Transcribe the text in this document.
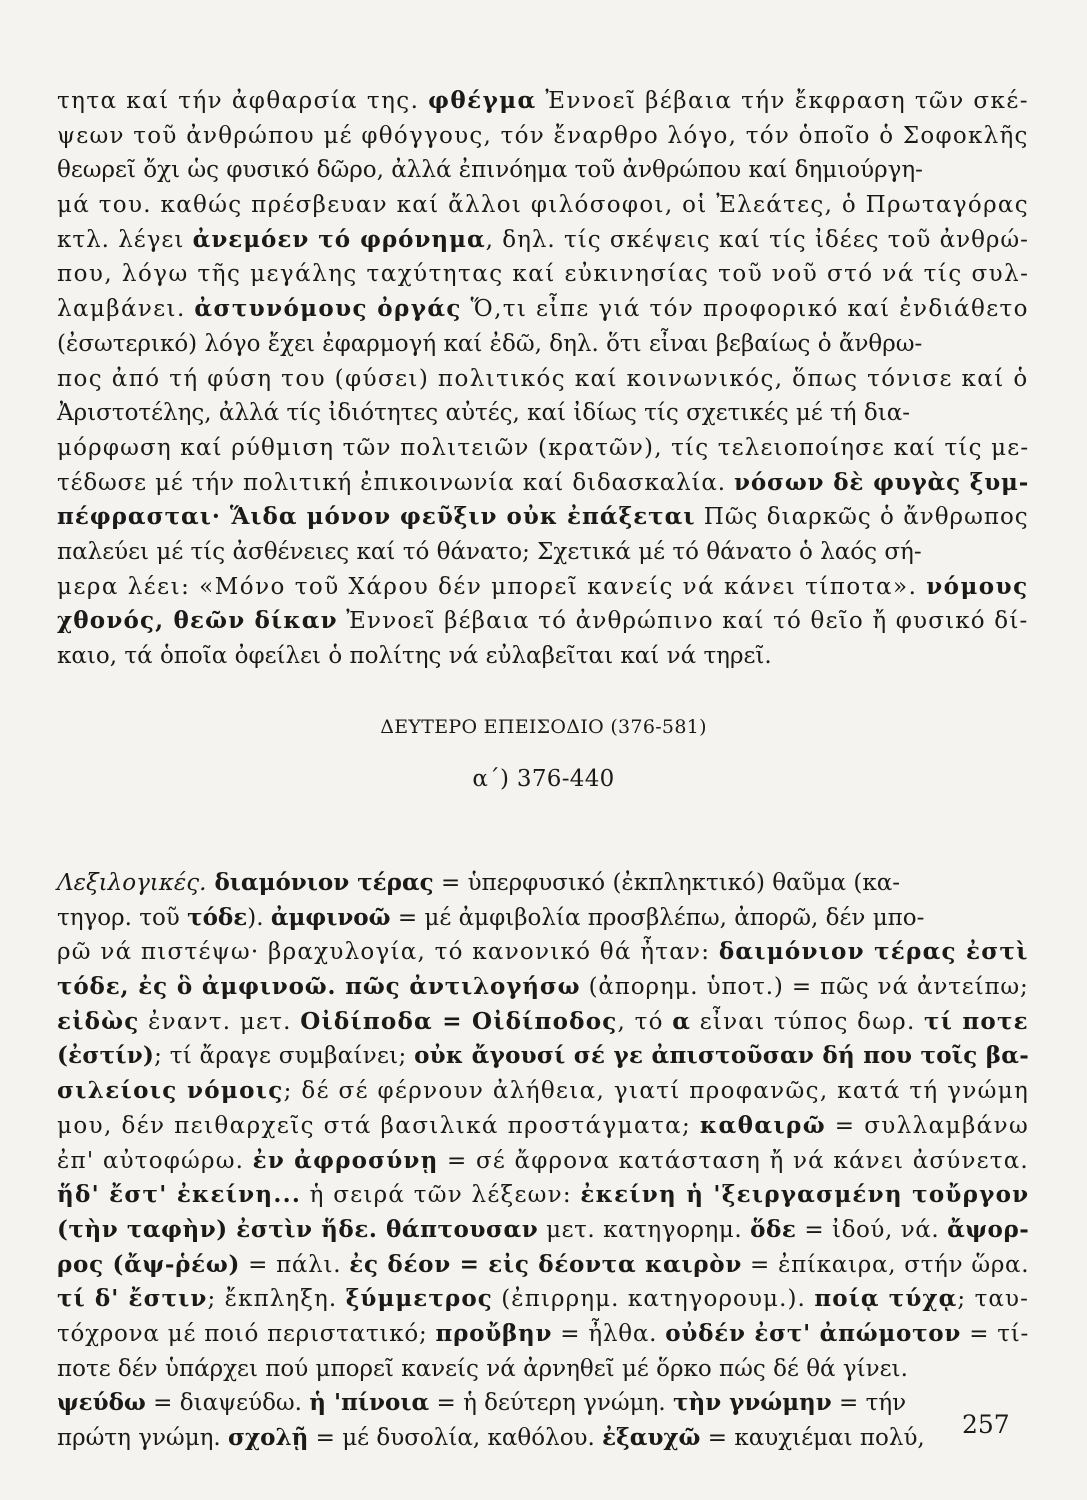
τητα καί τήν ἀφθαρσία της. φθέγμα Ἐννοεῖ βέβαια τήν ἔκφραση τῶν σκέ-
ψεων τοῦ ἀνθρώπου μέ φθόγγους, τόν ἔναρθρο λόγο, τόν ὁποῖο ὁ Σοφοκλῆς
θεωρεῖ ὄχι ὡς φυσικό δῶρο, ἀλλά ἐπινόημα τοῦ ἀνθρώπου καί δημιούργη-
μά του. καθώς πρέσβευαν καί ἄλλοι φιλόσοφοι, οἱ Ἐλεάτες, ὁ Πρωταγόρας
κτλ. λέγει ἀνεμόεν τό φρόνημα, δηλ. τίς σκέψεις καί τίς ἰδέες τοῦ ἀνθρώ-
που, λόγω τῆς μεγάλης ταχύτητας καί εὐκινησίας τοῦ νοῦ στό νά τίς συλ-
λαμβάνει. ἀστυνόμους ὀργάς Ὅ,τι εἶπε γιά τόν προφορικό καί ἐνδιάθετο
(ἐσωτερικό) λόγο ἔχει ἐφαρμογή καί ἐδῶ, δηλ. ὅτι εἶναι βεβαίως ὁ ἄνθρω-
πος ἀπό τή φύση του (φύσει) πολιτικός καί κοινωνικός, ὅπως τόνισε καί ὁ
Ἀριστοτέλης, ἀλλά τίς ἰδιότητες αὐτές, καί ἰδίως τίς σχετικές μέ τή δια-
μόρφωση καί ρύθμιση τῶν πολιτειῶν (κρατῶν), τίς τελειοποίησε καί τίς με-
τέδωσε μέ τήν πολιτική ἐπικοινωνία καί διδασκαλία. νόσων δὲ φυγὰς ξυμ-
πέφρασται· Ἅιδα μόνον φεῦξιν οὐκ ἐπάξεται Πῶς διαρκῶς ὁ ἄνθρωπος
παλεύει μέ τίς ἀσθένειες καί τό θάνατο; Σχετικά μέ τό θάνατο ὁ λαός σή-
μερα λέει: «Μόνο τοῦ Χάρου δέν μπορεῖ κανείς νά κάνει τίποτα». νόμους
χθονός, θεῶν δίκαν Ἐννοεῖ βέβαια τό ἀνθρώπινο καί τό θεῖο ἤ φυσικό δί-
καιο, τά ὁποῖα ὀφείλει ὁ πολίτης νά εὐλαβεῖται καί νά τηρεῖ.
ΔΕΥΤΕΡΟ ΕΠΕΙΣΟΔΙΟ (376-581)
α΄) 376-440
Λεξιλογικές. διαμόνιον τέρας = ὑπερφυσικό (ἐκπληκτικό) θαῦμα (κα-
τηγορ. τοῦ τόδε). ἀμφινοῶ = μέ ἀμφιβολία προσβλέπω, ἀπορῶ, δέν μπο-
ρῶ νά πιστέψω· βραχυλογία, τό κανονικό θά ἦταν: δαιμόνιον τέρας ἐστὶ
τόδε, ἐς ὃ ἀμφινοῶ. πῶς ἀντιλογήσω (ἀπορημ. ὑποτ.) = πῶς νά ἀντείπω;
εἰδὼς ἐναντ. μετ. Οἰδίποδα = Οἰδίποδος, τό α εἶναι τύπος δωρ. τί ποτε
(ἐστίν); τί ἄραγε συμβαίνει; οὐκ ἄγουσί σέ γε ἀπιστοῦσαν δή που τοῖς βα-
σιλείοις νόμοις; δέ σέ φέρνουν ἀλήθεια, γιατί προφανῶς, κατά τή γνώμη
μου, δέν πειθαρχεῖς στά βασιλικά προστάγματα; καθαιρῶ = συλλαμβάνω
ἐπ' αὐτοφώρω. ἐν ἀφροσύνῃ = σέ ἄφρονα κατάσταση ἤ νά κάνει ἀσύνετα.
ἥδ' ἔστ' ἐκείνη... ἡ σειρά τῶν λέξεων: ἐκείνη ἡ 'ξειργασμένη τοὔργον
(τὴν ταφὴν) ἐστὶν ἥδε. θάπτουσαν μετ. κατηγορημ. ὅδε = ἰδού, νά. ἄψορ-
ρος (ἄψ-ῥέω) = πάλι. ἐς δέον = εἰς δέοντα καιρὸν = ἐπίκαιρα, στήν ὥρα.
τί δ' ἔστιν; ἔκπληξη. ξύμμετρος (ἐπιρρημ. κατηγορουμ.). ποίᾳ τύχᾳ; ταυ-
τόχρονα μέ ποιό περιστατικό; προὔβην = ἦλθα. οὐδέν ἐστ' ἀπώμοτον = τί-
ποτε δέν ὑπάρχει πού μπορεῖ κανείς νά ἀρνηθεῖ μέ ὅρκο πώς δέ θά γίνει.
ψεύδω = διαψεύδω. ἡ 'πίνοια = ἡ δεύτερη γνώμη. τὴν γνώμην = τήν
πρώτη γνώμη. σχολῇ = μέ δυσολία, καθόλου. ἐξαυχῶ = καυχιέμαι πολύ,	257
